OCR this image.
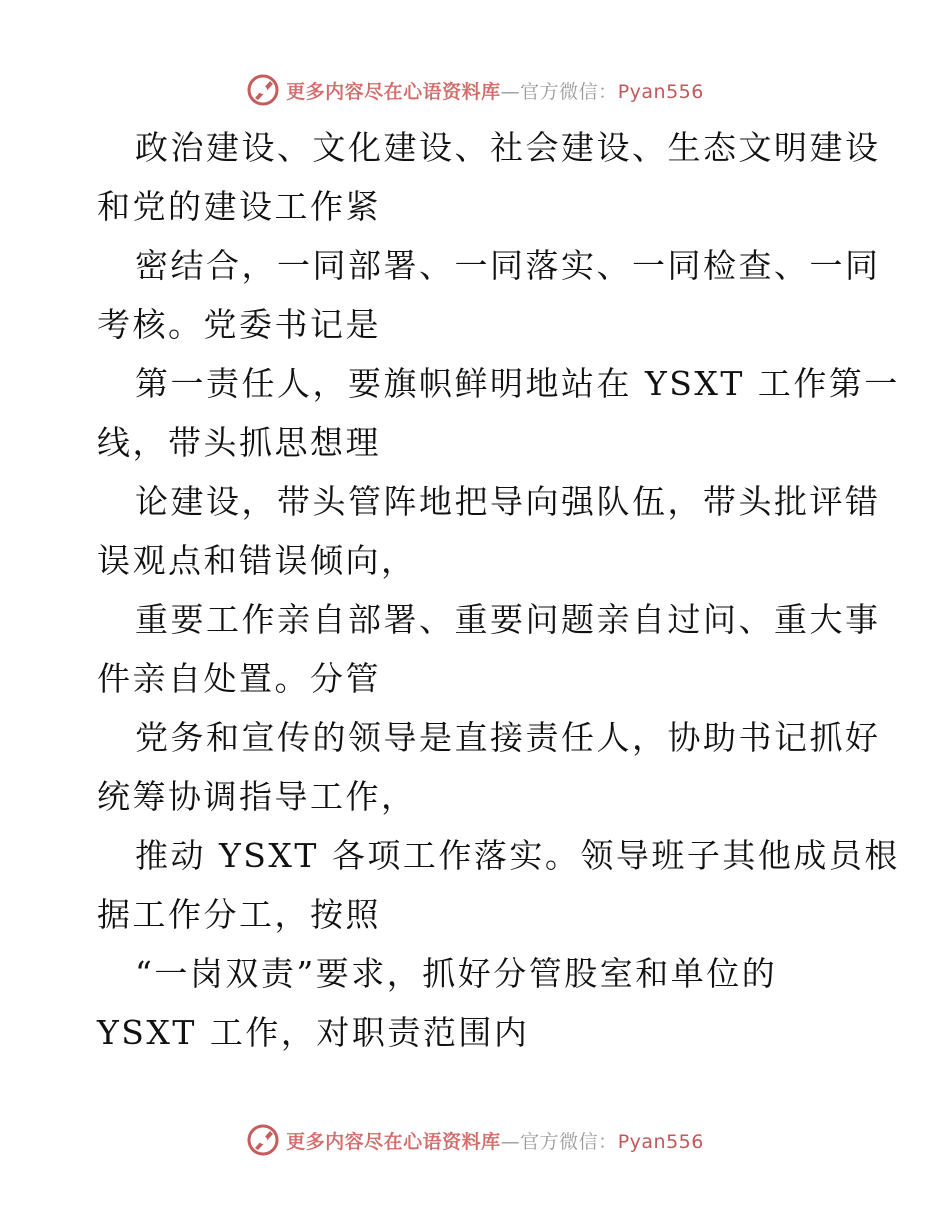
更多内容尽在心语资料库—官方微信：Pyan556

政治建设、文化建设、社会建设、生态文明建设
和党的建设工作紧

密结合，一同部署、一同落实、一同检查、一同
考核。党委书记是

第一责任人，要旗帜鲜明地站在 YSXT 工作第一
线，带头抓思想理

论建设，带头管阵地把导向强队伍，带头批评错
误观点和错误倾向，

重要工作亲自部署、重要问题亲自过问、重大事
件亲自处置。分管

党务和宣传的领导是直接责任人，协助书记抓好
统筹协调指导工作，

推动 YSXT 各项工作落实。领导班子其他成员根
据工作分工，按照

“一岗双责”要求，抓好分管股室和单位的
YSXT 工作，对职责范围内

更多内容尽在心语资料库—官方微信：Pyan556
